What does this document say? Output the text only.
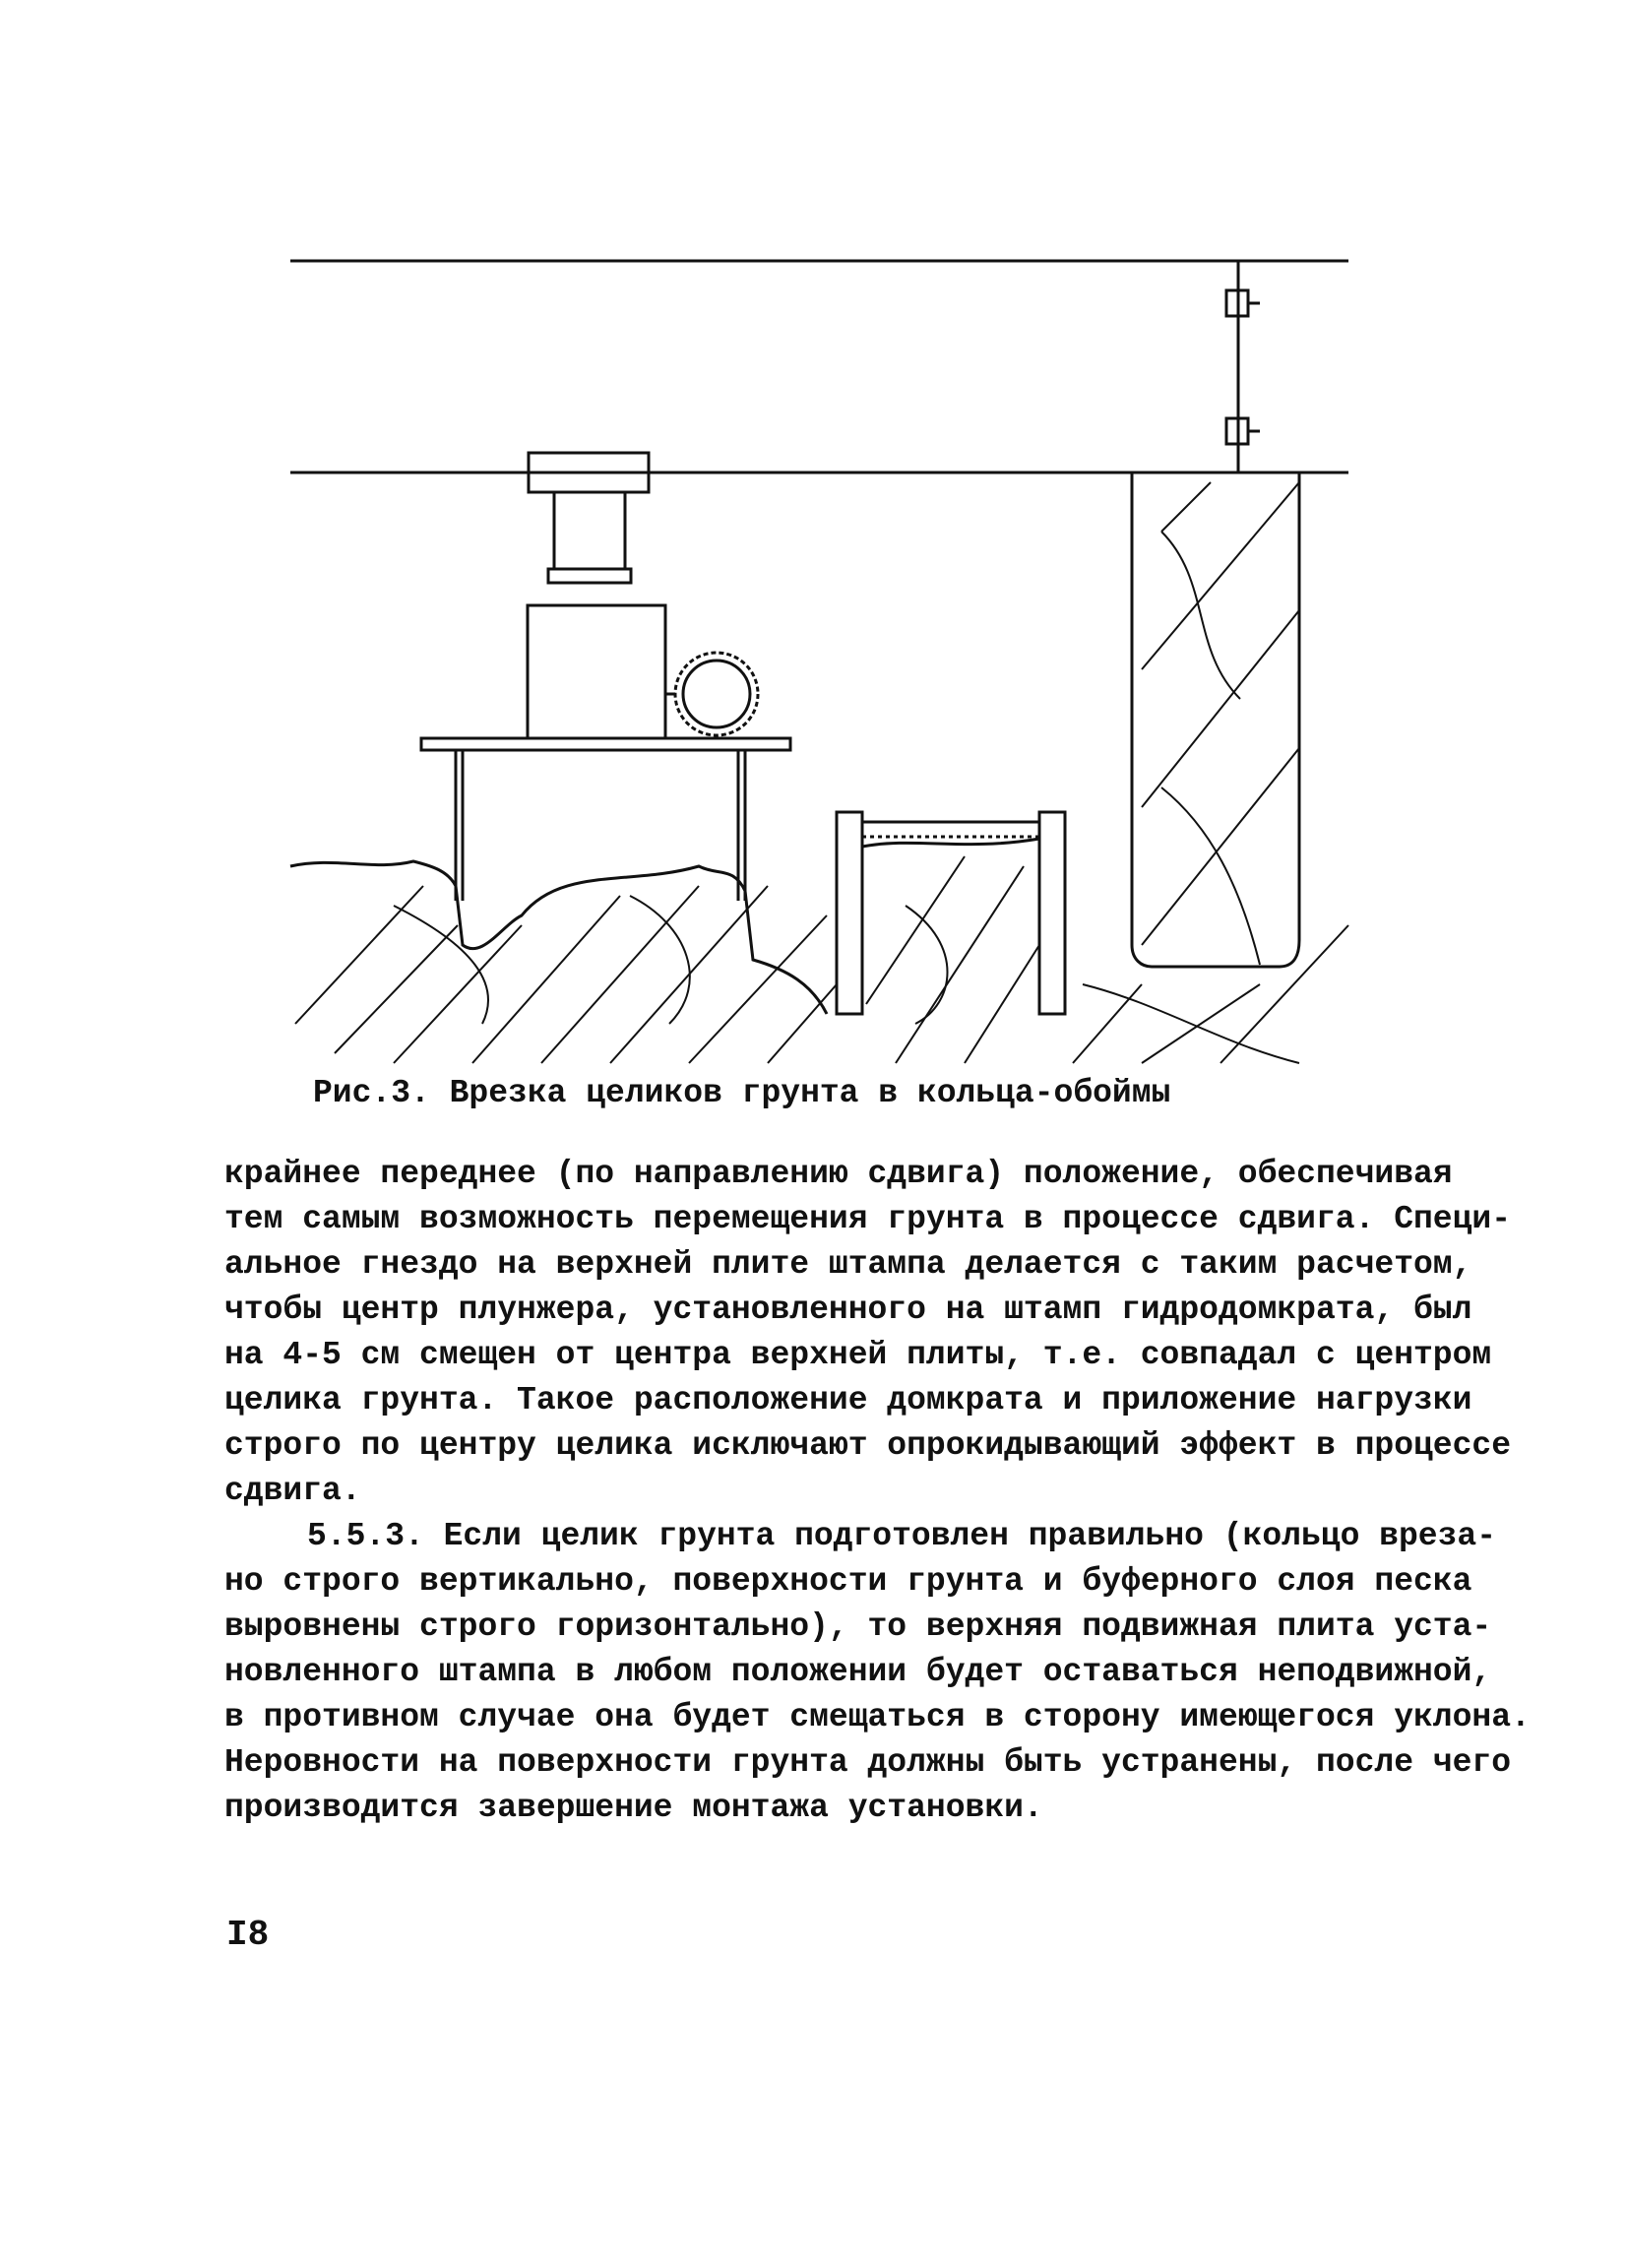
Рис.3. Врезка целиков грунта в кольца-обоймы
крайнее переднее (по направлению сдвига) положение, обеспечивая
тем самым возможность перемещения грунта в процессе сдвига. Специ-
альное гнездо на верхней плите штампа делается с таким расчетом,
чтобы центр плунжера, установленного на штамп гидродомкрата, был
на 4-5 см смещен от центра верхней плиты, т.е. совпадал с центром
целика грунта. Такое расположение домкрата и приложение нагрузки
строго по центру целика исключают опрокидывающий эффект в процессе
сдвига.
5.5.3. Если целик грунта подготовлен правильно (кольцо вреза-
но строго вертикально, поверхности грунта и буферного слоя песка
выровнены строго горизонтально), то верхняя подвижная плита уста-
новленного штампа в любом положении будет оставаться неподвижной,
в противном случае она будет смещаться в сторону имеющегося уклона.
Неровности на поверхности грунта должны быть устранены, после чего
производится завершение монтажа установки.
I8
